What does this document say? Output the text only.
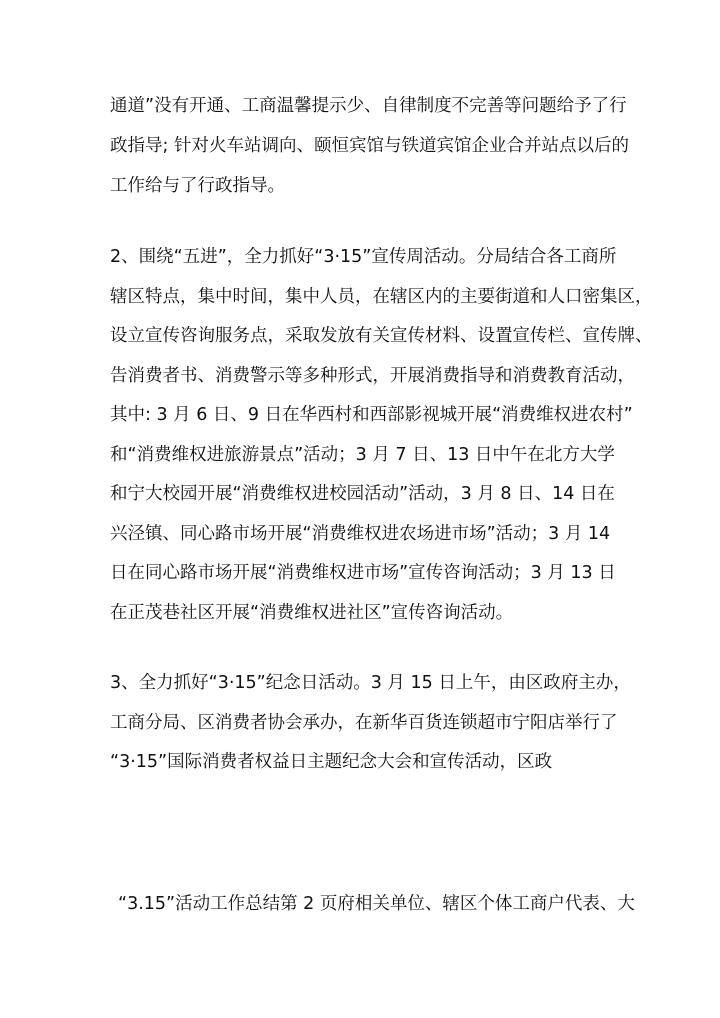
通道”没有开通、工商温馨提示少、自律制度不完善等问题给予了行
政指导; 针对火车站调向、颐恒宾馆与铁道宾馆企业合并站点以后的
工作给与了行政指导。
2、围绕“五进”，全力抓好“3·15”宣传周活动。分局结合各工商所
辖区特点，集中时间，集中人员，在辖区内的主要街道和人口密集区，
设立宣传咨询服务点，采取发放有关宣传材料、设置宣传栏、宣传牌、
告消费者书、消费警示等多种形式，开展消费指导和消费教育活动，
其中: 3 月 6 日、9 日在华西村和西部影视城开展“消费维权进农村”
和“消费维权进旅游景点”活动；3 月 7 日、13 日中午在北方大学
和宁大校园开展“消费维权进校园活动”活动，3 月 8 日、14 日在
兴泾镇、同心路市场开展“消费维权进农场进市场”活动；3 月 14
日在同心路市场开展“消费维权进市场”宣传咨询活动；3 月 13 日
在正茂巷社区开展“消费维权进社区”宣传咨询活动。
3、全力抓好“3·15”纪念日活动。3 月 15 日上午，由区政府主办，
工商分局、区消费者协会承办，在新华百货连锁超市宁阳店举行了
“3·15”国际消费者权益日主题纪念大会和宣传活动，区政
“3.15”活动工作总结第 2 页府相关单位、辖区个体工商户代表、大
